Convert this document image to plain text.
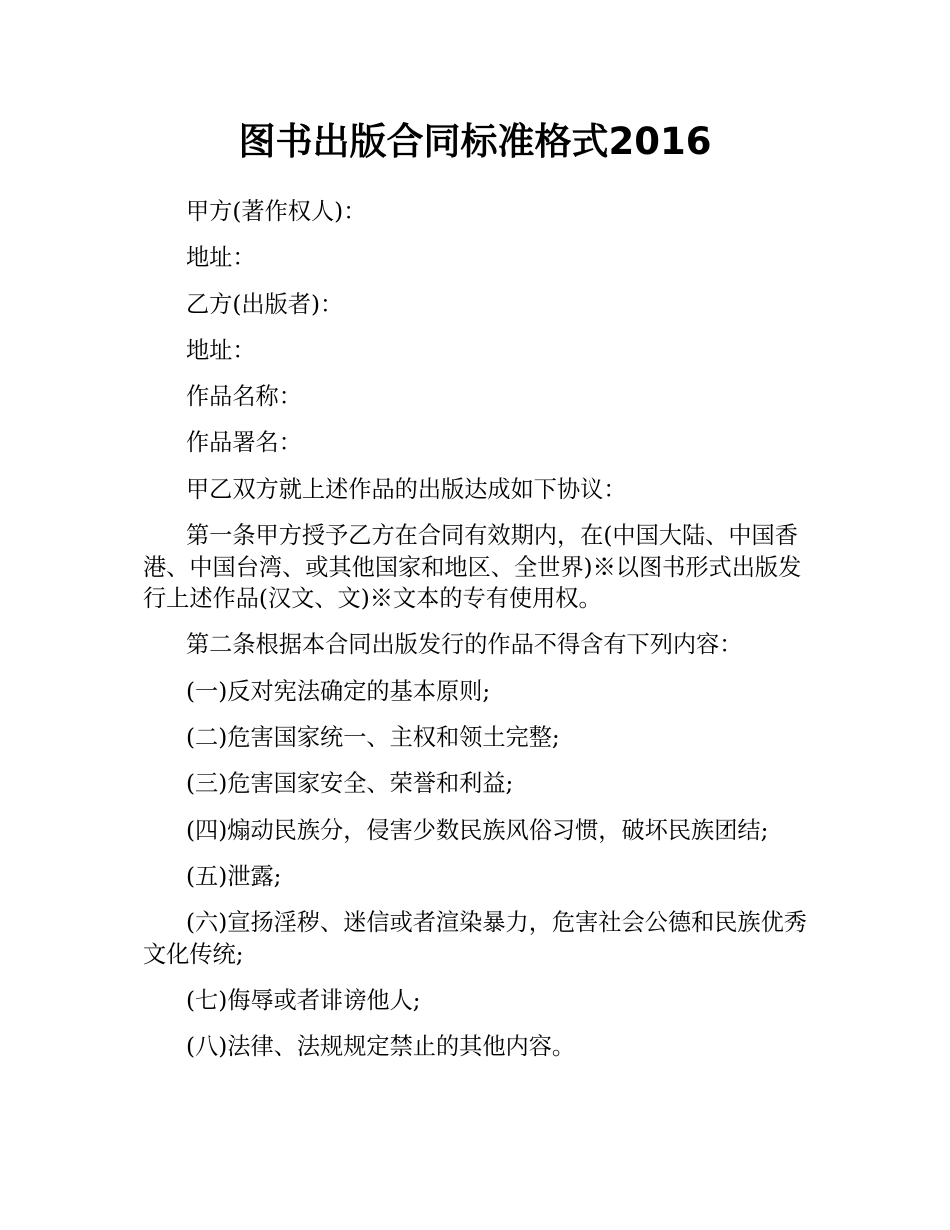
图书出版合同标准格式2016

甲方(著作权人)：

地址：

乙方(出版者)：

地址：

作品名称：

作品署名：

甲乙双方就上述作品的出版达成如下协议：

第一条甲方授予乙方在合同有效期内，在(中国大陆、中国香港、中国台湾、或其他国家和地区、全世界)※以图书形式出版发行上述作品(汉文、文)※文本的专有使用权。

第二条根据本合同出版发行的作品不得含有下列内容：

(一)反对宪法确定的基本原则;

(二)危害国家统一、主权和领土完整;

(三)危害国家安全、荣誉和利益;

(四)煽动民族分，侵害少数民族风俗习惯，破坏民族团结;

(五)泄露;

(六)宣扬淫秽、迷信或者渲染暴力，危害社会公德和民族优秀文化传统;

(七)侮辱或者诽谤他人;

(八)法律、法规规定禁止的其他内容。
